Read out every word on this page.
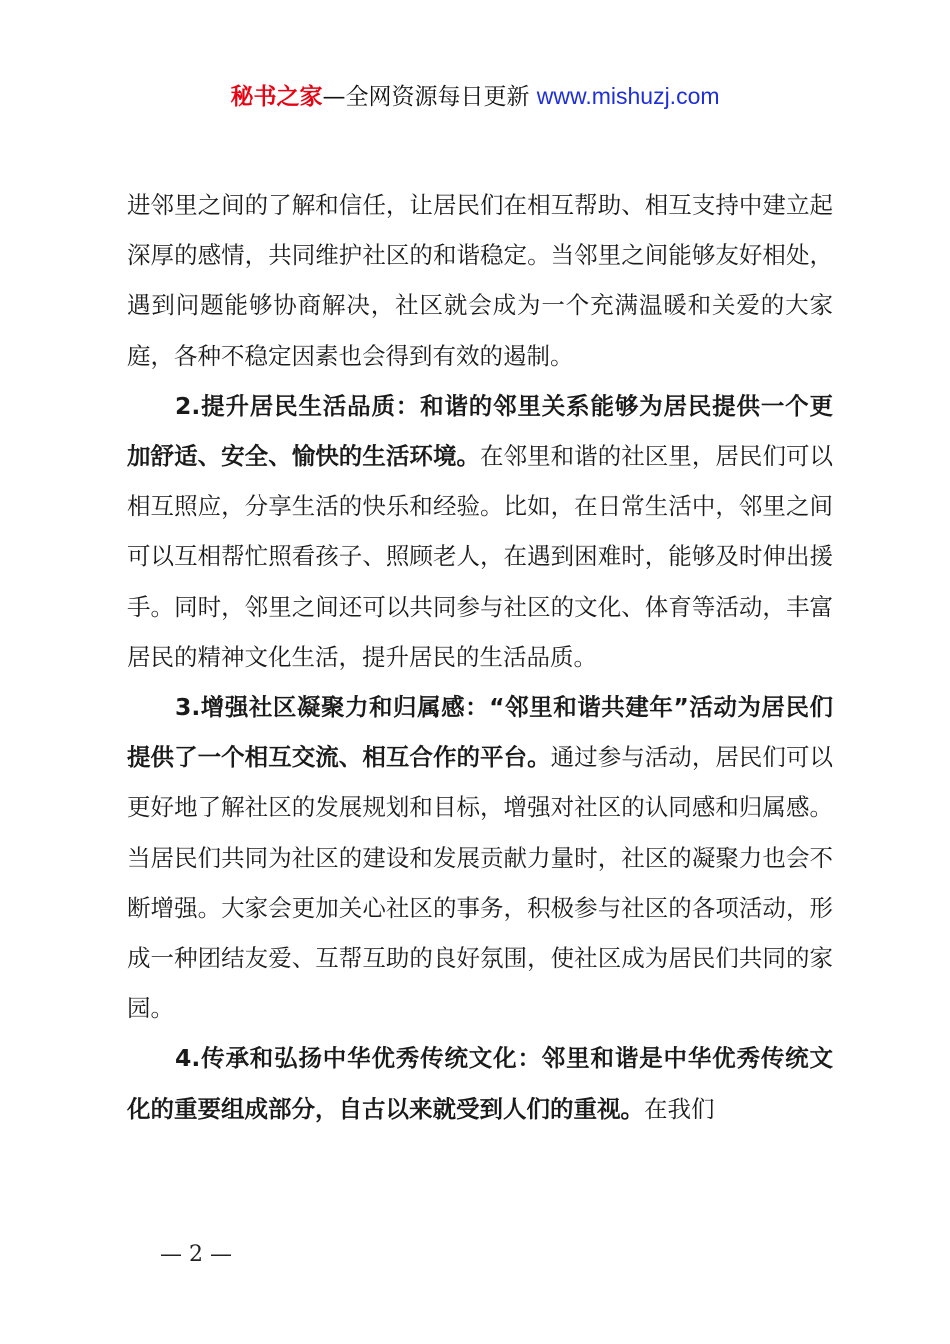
秘书之家—全网资源每日更新 www.mishuzj.com

进邻里之间的了解和信任，让居民们在相互帮助、相互支持中建立起深厚的感情，共同维护社区的和谐稳定。当邻里之间能够友好相处，遇到问题能够协商解决，社区就会成为一个充满温暖和关爱的大家庭，各种不稳定因素也会得到有效的遏制。

2.提升居民生活品质：和谐的邻里关系能够为居民提供一个更加舒适、安全、愉快的生活环境。在邻里和谐的社区里，居民们可以相互照应，分享生活的快乐和经验。比如，在日常生活中，邻里之间可以互相帮忙照看孩子、照顾老人，在遇到困难时，能够及时伸出援手。同时，邻里之间还可以共同参与社区的文化、体育等活动，丰富居民的精神文化生活，提升居民的生活品质。

3.增强社区凝聚力和归属感：“邻里和谐共建年”活动为居民们提供了一个相互交流、相互合作的平台。通过参与活动，居民们可以更好地了解社区的发展规划和目标，增强对社区的认同感和归属感。当居民们共同为社区的建设和发展贡献力量时，社区的凝聚力也会不断增强。大家会更加关心社区的事务，积极参与社区的各项活动，形成一种团结友爱、互帮互助的良好氛围，使社区成为居民们共同的家园。

4.传承和弘扬中华优秀传统文化：邻里和谐是中华优秀传统文化的重要组成部分，自古以来就受到人们的重视。在我们

— 2 —
